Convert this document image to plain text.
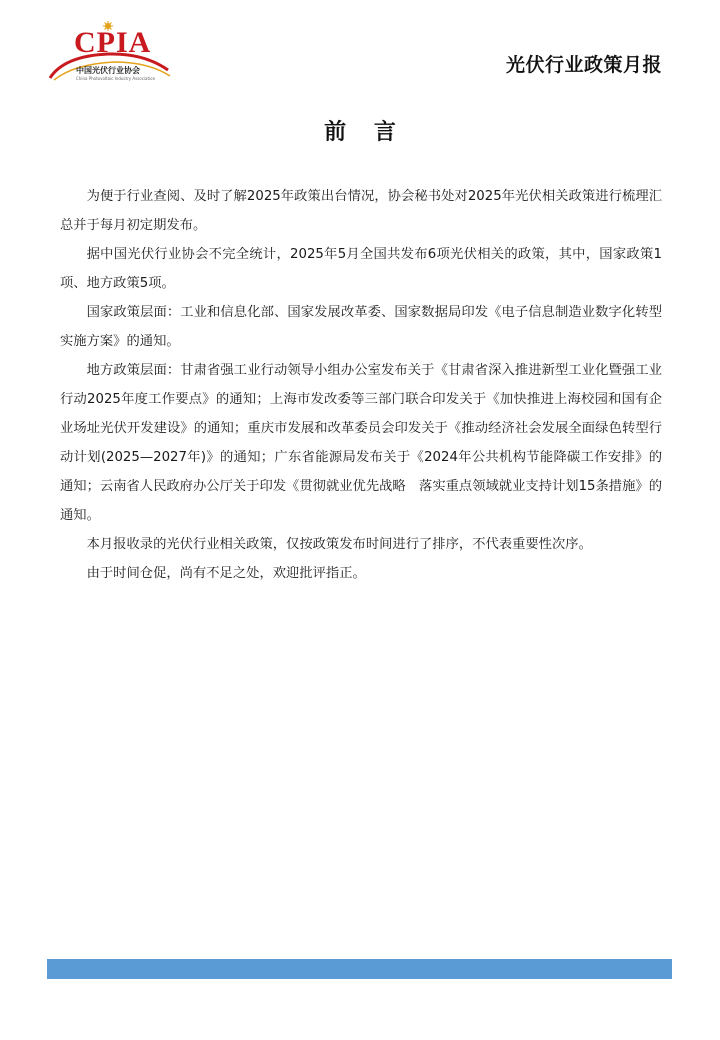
CPIA
中国光伏行业协会
China Photovoltaic Industry Association
光伏行业政策月报
前 言

为便于行业查阅、及时了解2025年政策出台情况，协会秘书处对2025年光伏相关政策进行梳理汇总并于每月初定期发布。

据中国光伏行业协会不完全统计，2025年5月全国共发布6项光伏相关的政策，其中，国家政策1项、地方政策5项。

国家政策层面：工业和信息化部、国家发展改革委、国家数据局印发《电子信息制造业数字化转型实施方案》的通知。

地方政策层面：甘肃省强工业行动领导小组办公室发布关于《甘肃省深入推进新型工业化暨强工业行动2025年度工作要点》的通知；上海市发改委等三部门联合印发关于《加快推进上海校园和国有企业场址光伏开发建设》的通知；重庆市发展和改革委员会印发关于《推动经济社会发展全面绿色转型行动计划(2025—2027年)》的通知；广东省能源局发布关于《2024年公共机构节能降碳工作安排》的通知；云南省人民政府办公厅关于印发《贯彻就业优先战略　落实重点领域就业支持计划15条措施》的通知。

本月报收录的光伏行业相关政策，仅按政策发布时间进行了排序，不代表重要性次序。

由于时间仓促，尚有不足之处，欢迎批评指正。
